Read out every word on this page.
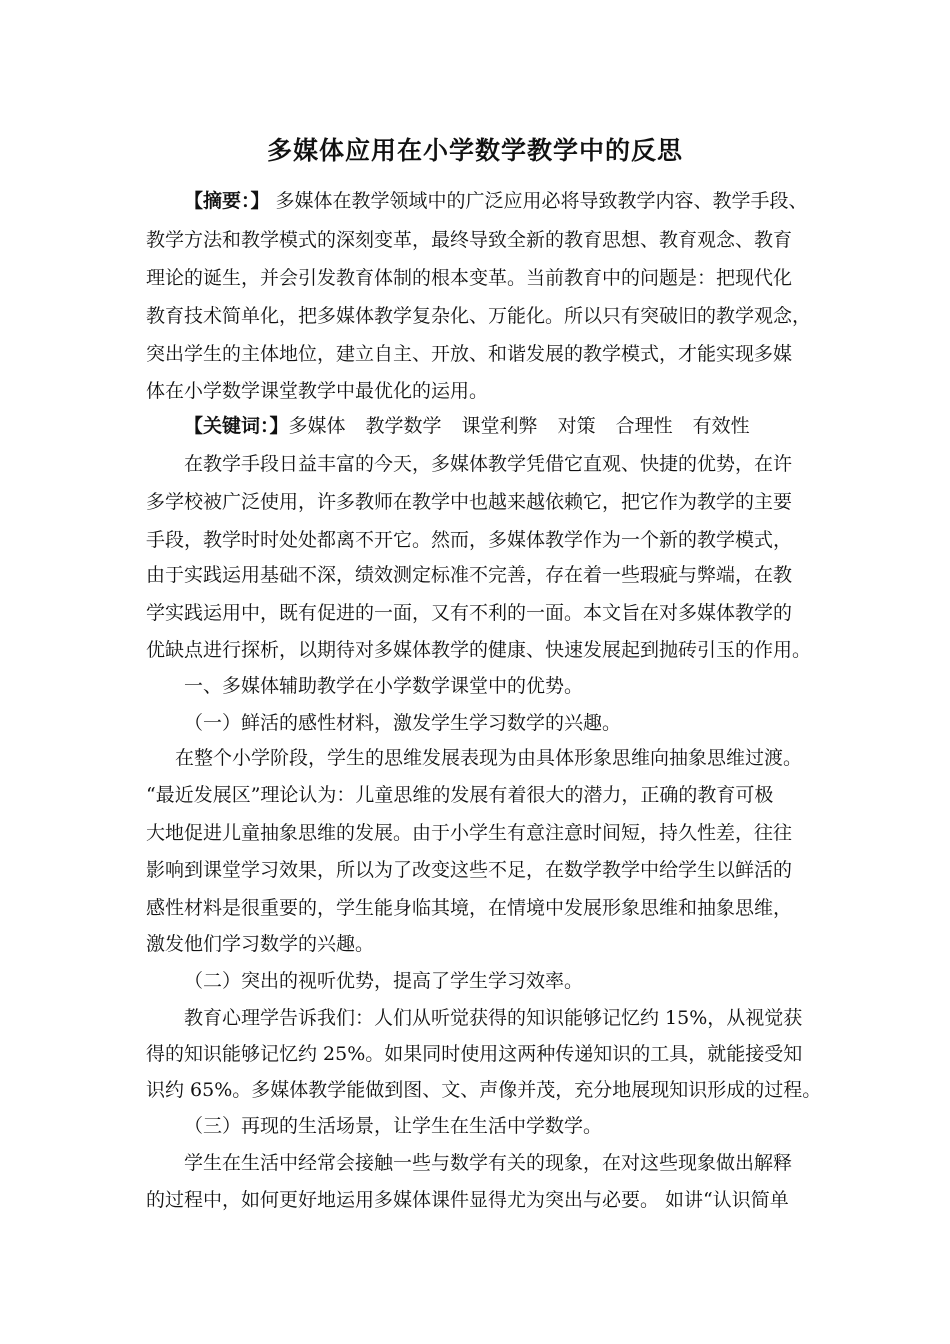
多媒体应用在小学数学教学中的反思
【摘要：】 多媒体在教学领域中的广泛应用必将导致教学内容、教学手段、
教学方法和教学模式的深刻变革，最终导致全新的教育思想、教育观念、教育
理论的诞生，并会引发教育体制的根本变革。当前教育中的问题是：把现代化
教育技术简单化，把多媒体教学复杂化、万能化。所以只有突破旧的教学观念，
突出学生的主体地位，建立自主、开放、和谐发展的教学模式，才能实现多媒
体在小学数学课堂教学中最优化的运用。
【关键词：】多媒体 教学数学 课堂利弊 对策 合理性 有效性
在教学手段日益丰富的今天，多媒体教学凭借它直观、快捷的优势，在许
多学校被广泛使用，许多教师在教学中也越来越依赖它，把它作为教学的主要
手段，教学时时处处都离不开它。然而，多媒体教学作为一个新的教学模式，
由于实践运用基础不深，绩效测定标准不完善，存在着一些瑕疵与弊端，在教
学实践运用中，既有促进的一面，又有不利的一面。本文旨在对多媒体教学的
优缺点进行探析，以期待对多媒体教学的健康、快速发展起到抛砖引玉的作用。
一、多媒体辅助教学在小学数学课堂中的优势。
（一）鲜活的感性材料，激发学生学习数学的兴趣。
在整个小学阶段，学生的思维发展表现为由具体形象思维向抽象思维过渡。
“最近发展区”理论认为：儿童思维的发展有着很大的潜力，正确的教育可极
大地促进儿童抽象思维的发展。由于小学生有意注意时间短，持久性差，往往
影响到课堂学习效果，所以为了改变这些不足，在数学教学中给学生以鲜活的
感性材料是很重要的，学生能身临其境，在情境中发展形象思维和抽象思维，
激发他们学习数学的兴趣。
（二）突出的视听优势，提高了学生学习效率。
教育心理学告诉我们：人们从听觉获得的知识能够记忆约 15%，从视觉获
得的知识能够记忆约 25%。如果同时使用这两种传递知识的工具，就能接受知
识约 65%。多媒体教学能做到图、文、声像并茂，充分地展现知识形成的过程。
（三）再现的生活场景，让学生在生活中学数学。
学生在生活中经常会接触一些与数学有关的现象，在对这些现象做出解释
的过程中，如何更好地运用多媒体课件显得尤为突出与必要。 如讲“认识简单
